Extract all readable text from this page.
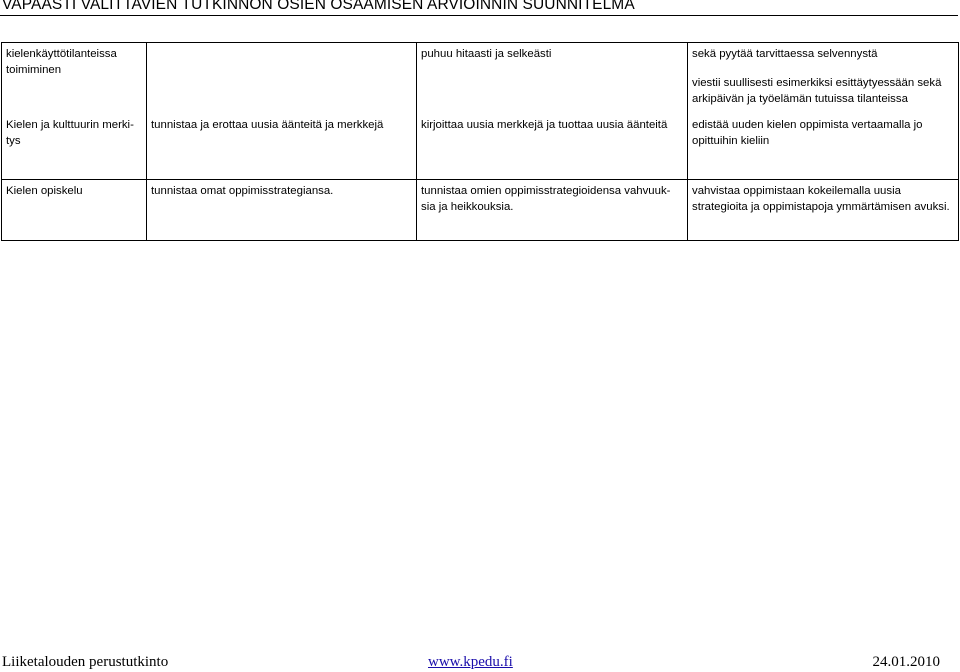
VAPAASTI VALITTAVIEN TUTKINNON OSIEN OSAAMISEN ARVIOINNIN SUUNNITELMA
kielenkäyttötilanteissa toimiminen		puhuu hitaasti ja selkeästi	sekä pyytää tarvittaessa selvennystä
viestii suullisesti esimerkiksi esittäytyessään sekä arkipäivän ja työelämän tutuissa tilanteissa

Kielen ja kulttuurin merki-tys	tunnistaa ja erottaa uusia äänteitä ja merkkejä	kirjoittaa uusia merkkejä ja tuottaa uusia äänteitä	edistää uuden kielen oppimista vertaamalla jo opittuihin kieliin
Kielen opiskelu	tunnistaa omat oppimisstrategiansa.	tunnistaa omien oppimisstrategioidensa vahvuuk-sia ja heikkouksia.	vahvistaa oppimistaan kokeilemalla uusia strategioita ja oppimistapoja ymmärtämisen avuksi.
Liiketalouden perustutkinto	www.kpedu.fi	24.01.2010
